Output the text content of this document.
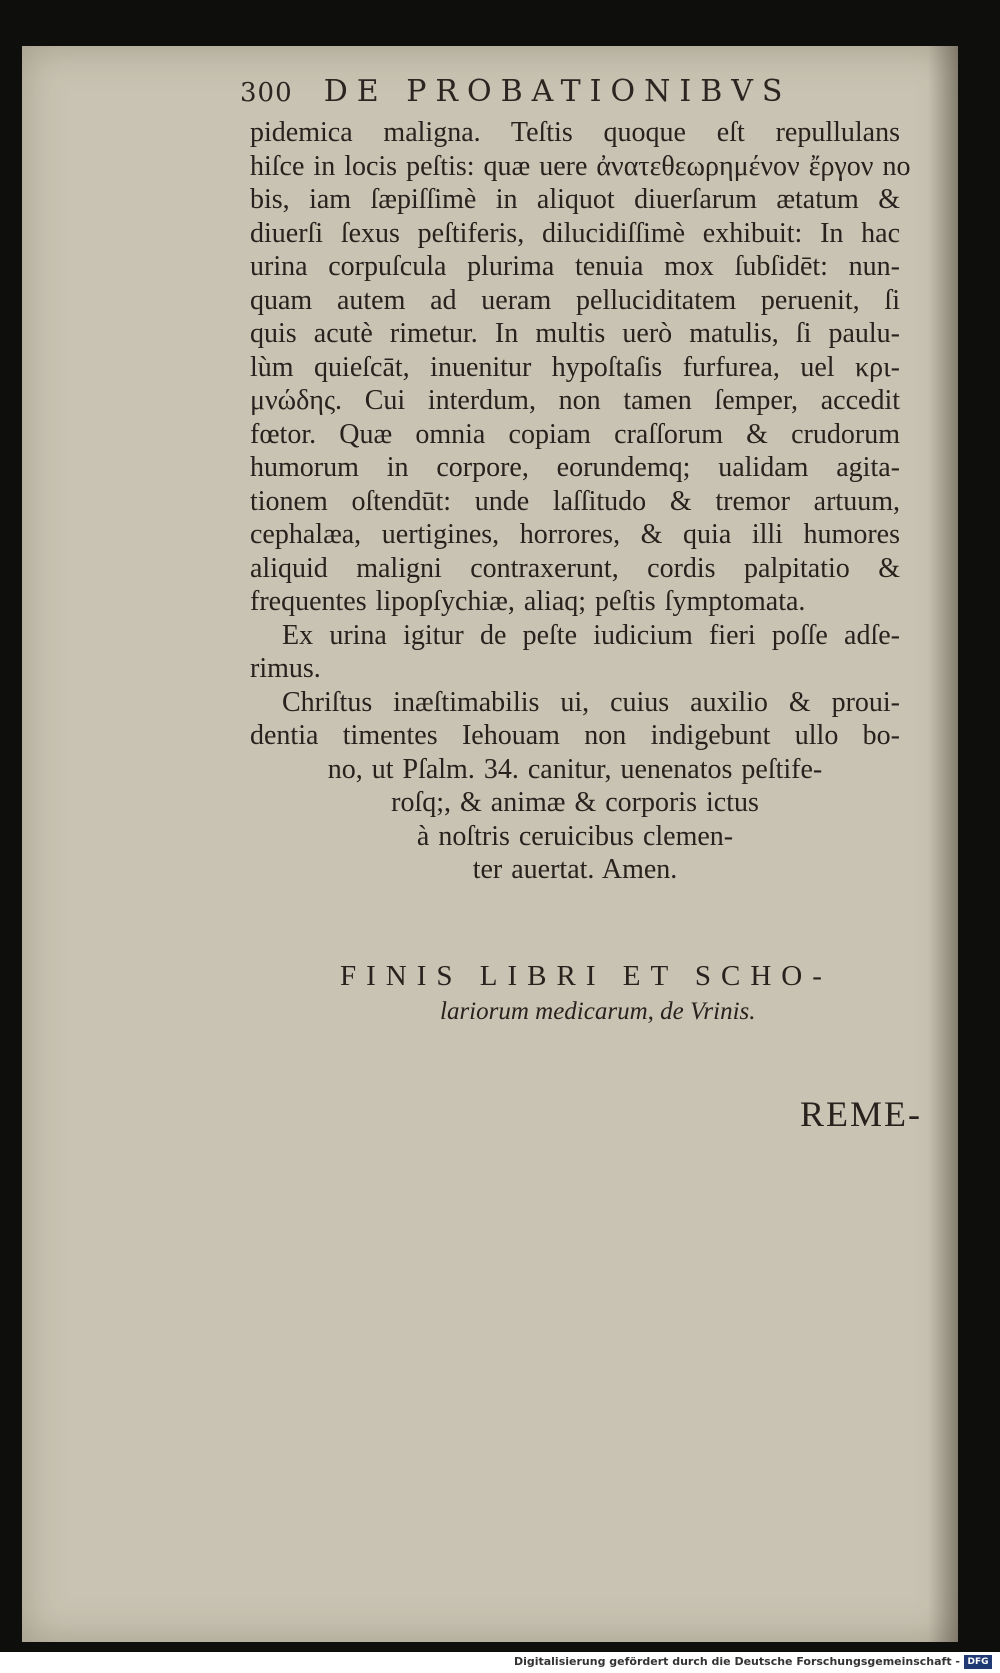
300 DE PROBATIONIBVS
pidemica maligna. Teſtis quoque eſt repullulans
hiſce in locis peſtis: quæ uere ἀνατεθεωρημένον ἔργον no
bis, iam ſæpiſſimè in aliquot diuerſarum ætatum &
diuerſi ſexus peſtiferis, dilucidiſſimè exhibuit: In hac
urina corpuſcula plurima tenuia mox ſubſidēt: nun-
quam autem ad ueram pelluciditatem peruenit, ſi
quis acutè rimetur. In multis uerò matulis, ſi paulu-
lùm quieſcāt, inuenitur hypoſtaſis furfurea, uel κρι-
μνώδης. Cui interdum, non tamen ſemper, accedit
fœtor. Quæ omnia copiam craſſorum & crudorum
humorum in corpore, eorundemq; ualidam agita-
tionem oſtendūt: unde laſſitudo & tremor artuum,
cephalæa, uertigines, horrores, & quia illi humores
aliquid maligni contraxerunt, cordis palpitatio &
frequentes lipopſychiæ, aliaq; peſtis ſymptomata.
Ex urina igitur de peſte iudicium fieri poſſe adſe-
rimus.
Chriſtus inæſtimabilis ui, cuius auxilio & proui-
dentia timentes Iehouam non indigebunt ullo bo-
no, ut Pſalm. 34. canitur, uenenatos peſtife-
roſq;, & animæ & corporis ictus
à noſtris ceruicibus clemen-
ter auertat. Amen.
FINIS LIBRI ET SCHO-
lariorum medicarum, de Vrinis.
REME-
Digitalisierung gefördert durch die Deutsche Forschungsgemeinschaft - DFG
